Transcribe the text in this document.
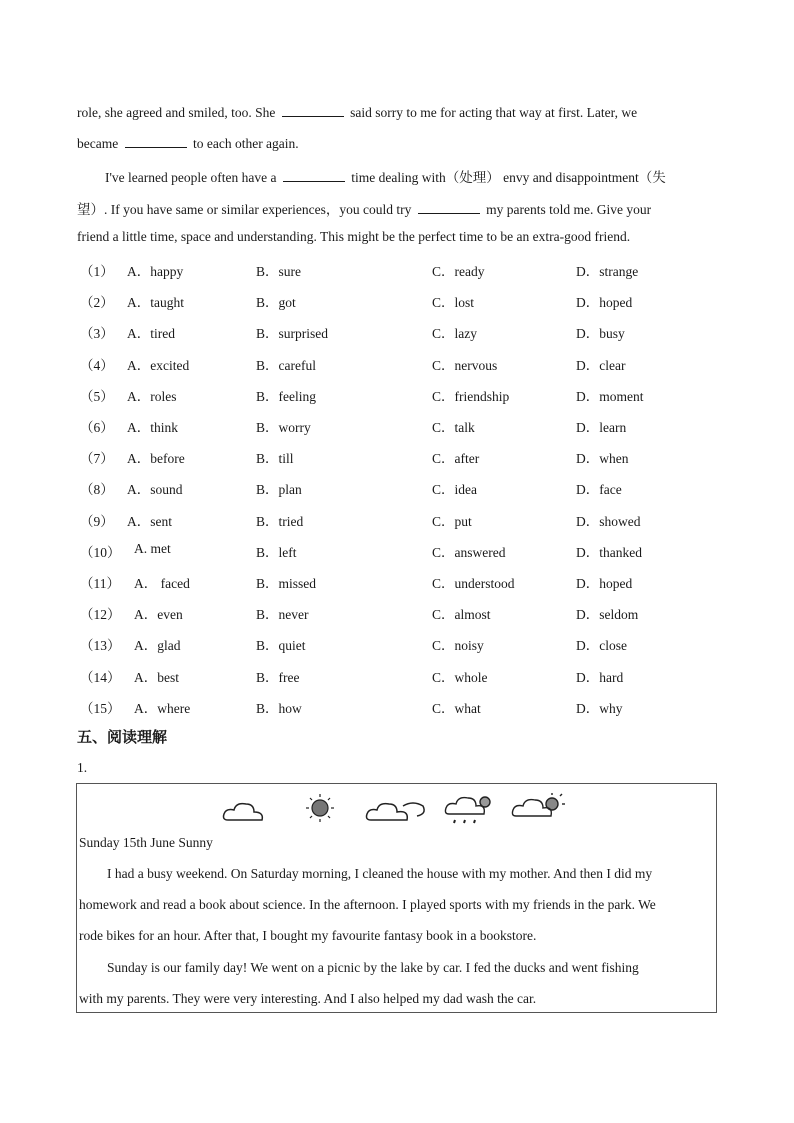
role, she agreed and smiled, too. She	said sorry to me for acting that way at first. Later, we
became	to each other again.
I've learned people often have a	time dealing with（处理） envy and disappointment（失
望）. If you have same or similar experiences，you could try	my parents told me. Give your
friend a little time, space and understanding. This might be the perfect time to be an extra-good friend.
（1） A．happy	B．sure	C．ready	D．strange
（2） A．taught	B．got	C．lost	D．hoped
（3） A．tired	B．surprised	C．lazy	D．busy
（4） A．excited	B．careful	C．nervous	D．clear
（5） A．roles	B．feeling	C．friendship	D．moment
（6） A．think	B．worry	C．talk	D．learn
（7） A．before	B．till	C．after	D．when
（8） A．sound	B．plan	C．idea	D．face
（9） A．sent	B．tried	C．put	D．showed
（10） A. met	B．left	C．answered	D．thanked
（11） A． faced	B．missed	C．understood	D．hoped
（12） A．even	B．never	C．almost	D．seldom
（13） A．glad	B．quiet	C．noisy	D．close
（14） A．best	B．free	C．whole	D．hard
（15） A．where	B．how	C．what	D．why
五、阅读理解
1.
Sunday 15th June Sunny
I had a busy weekend. On Saturday morning, I cleaned the house with my mother. And then I did my
homework and read a book about science. In the afternoon. I played sports with my friends in the park. We
rode bikes for an hour. After that, I bought my favourite fantasy book in a bookstore.
Sunday is our family day! We went on a picnic by the lake by car. I fed the ducks and went fishing
with my parents. They were very interesting. And I also helped my dad wash the car.
